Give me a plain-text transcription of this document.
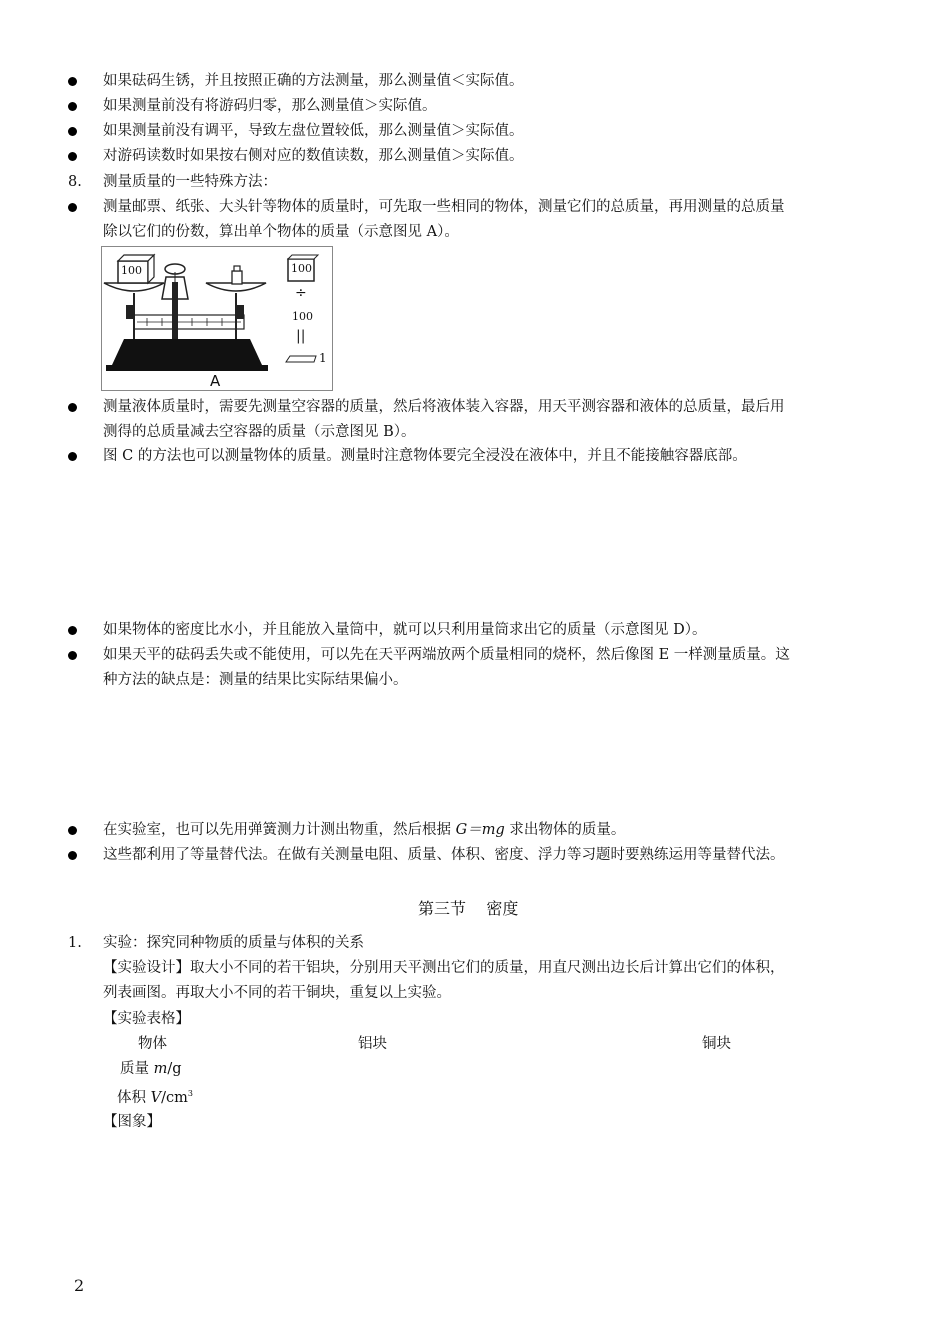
如果砝码生锈，并且按照正确的方法测量，那么测量值＜实际值。
如果测量前没有将游码归零，那么测量值＞实际值。
如果测量前没有调平，导致左盘位置较低，那么测量值＞实际值。
对游码读数时如果按右侧对应的数值读数，那么测量值＞实际值。
8. 测量质量的一些特殊方法：
测量邮票、纸张、大头针等物体的质量时，可先取一些相同的物体，测量它们的总质量，再用测量的总质量
除以它们的份数，算出单个物体的质量（示意图见 A）。
100	100
÷
100
||
1
A
测量液体质量时，需要先测量空容器的质量，然后将液体装入容器，用天平测容器和液体的总质量，最后用
测得的总质量减去空容器的质量（示意图见 B）。
图 C 的方法也可以测量物体的质量。测量时注意物体要完全浸没在液体中，并且不能接触容器底部。
如果物体的密度比水小，并且能放入量筒中，就可以只利用量筒求出它的质量（示意图见 D）。
如果天平的砝码丢失或不能使用，可以先在天平两端放两个质量相同的烧杯，然后像图 E 一样测量质量。这
种方法的缺点是：测量的结果比实际结果偏小。
在实验室，也可以先用弹簧测力计测出物重，然后根据 G＝mg 求出物体的质量。
这些都利用了等量替代法。在做有关测量电阻、质量、体积、密度、浮力等习题时要熟练运用等量替代法。
第三节    密度
1. 实验：探究同种物质的质量与体积的关系
【实验设计】取大小不同的若干铝块，分别用天平测出它们的质量，用直尺测出边长后计算出它们的体积，
列表画图。再取大小不同的若干铜块，重复以上实验。
【实验表格】
物体	铝块	铜块
质量 m/g
体积 $V/cm^3$
【图象】
2
